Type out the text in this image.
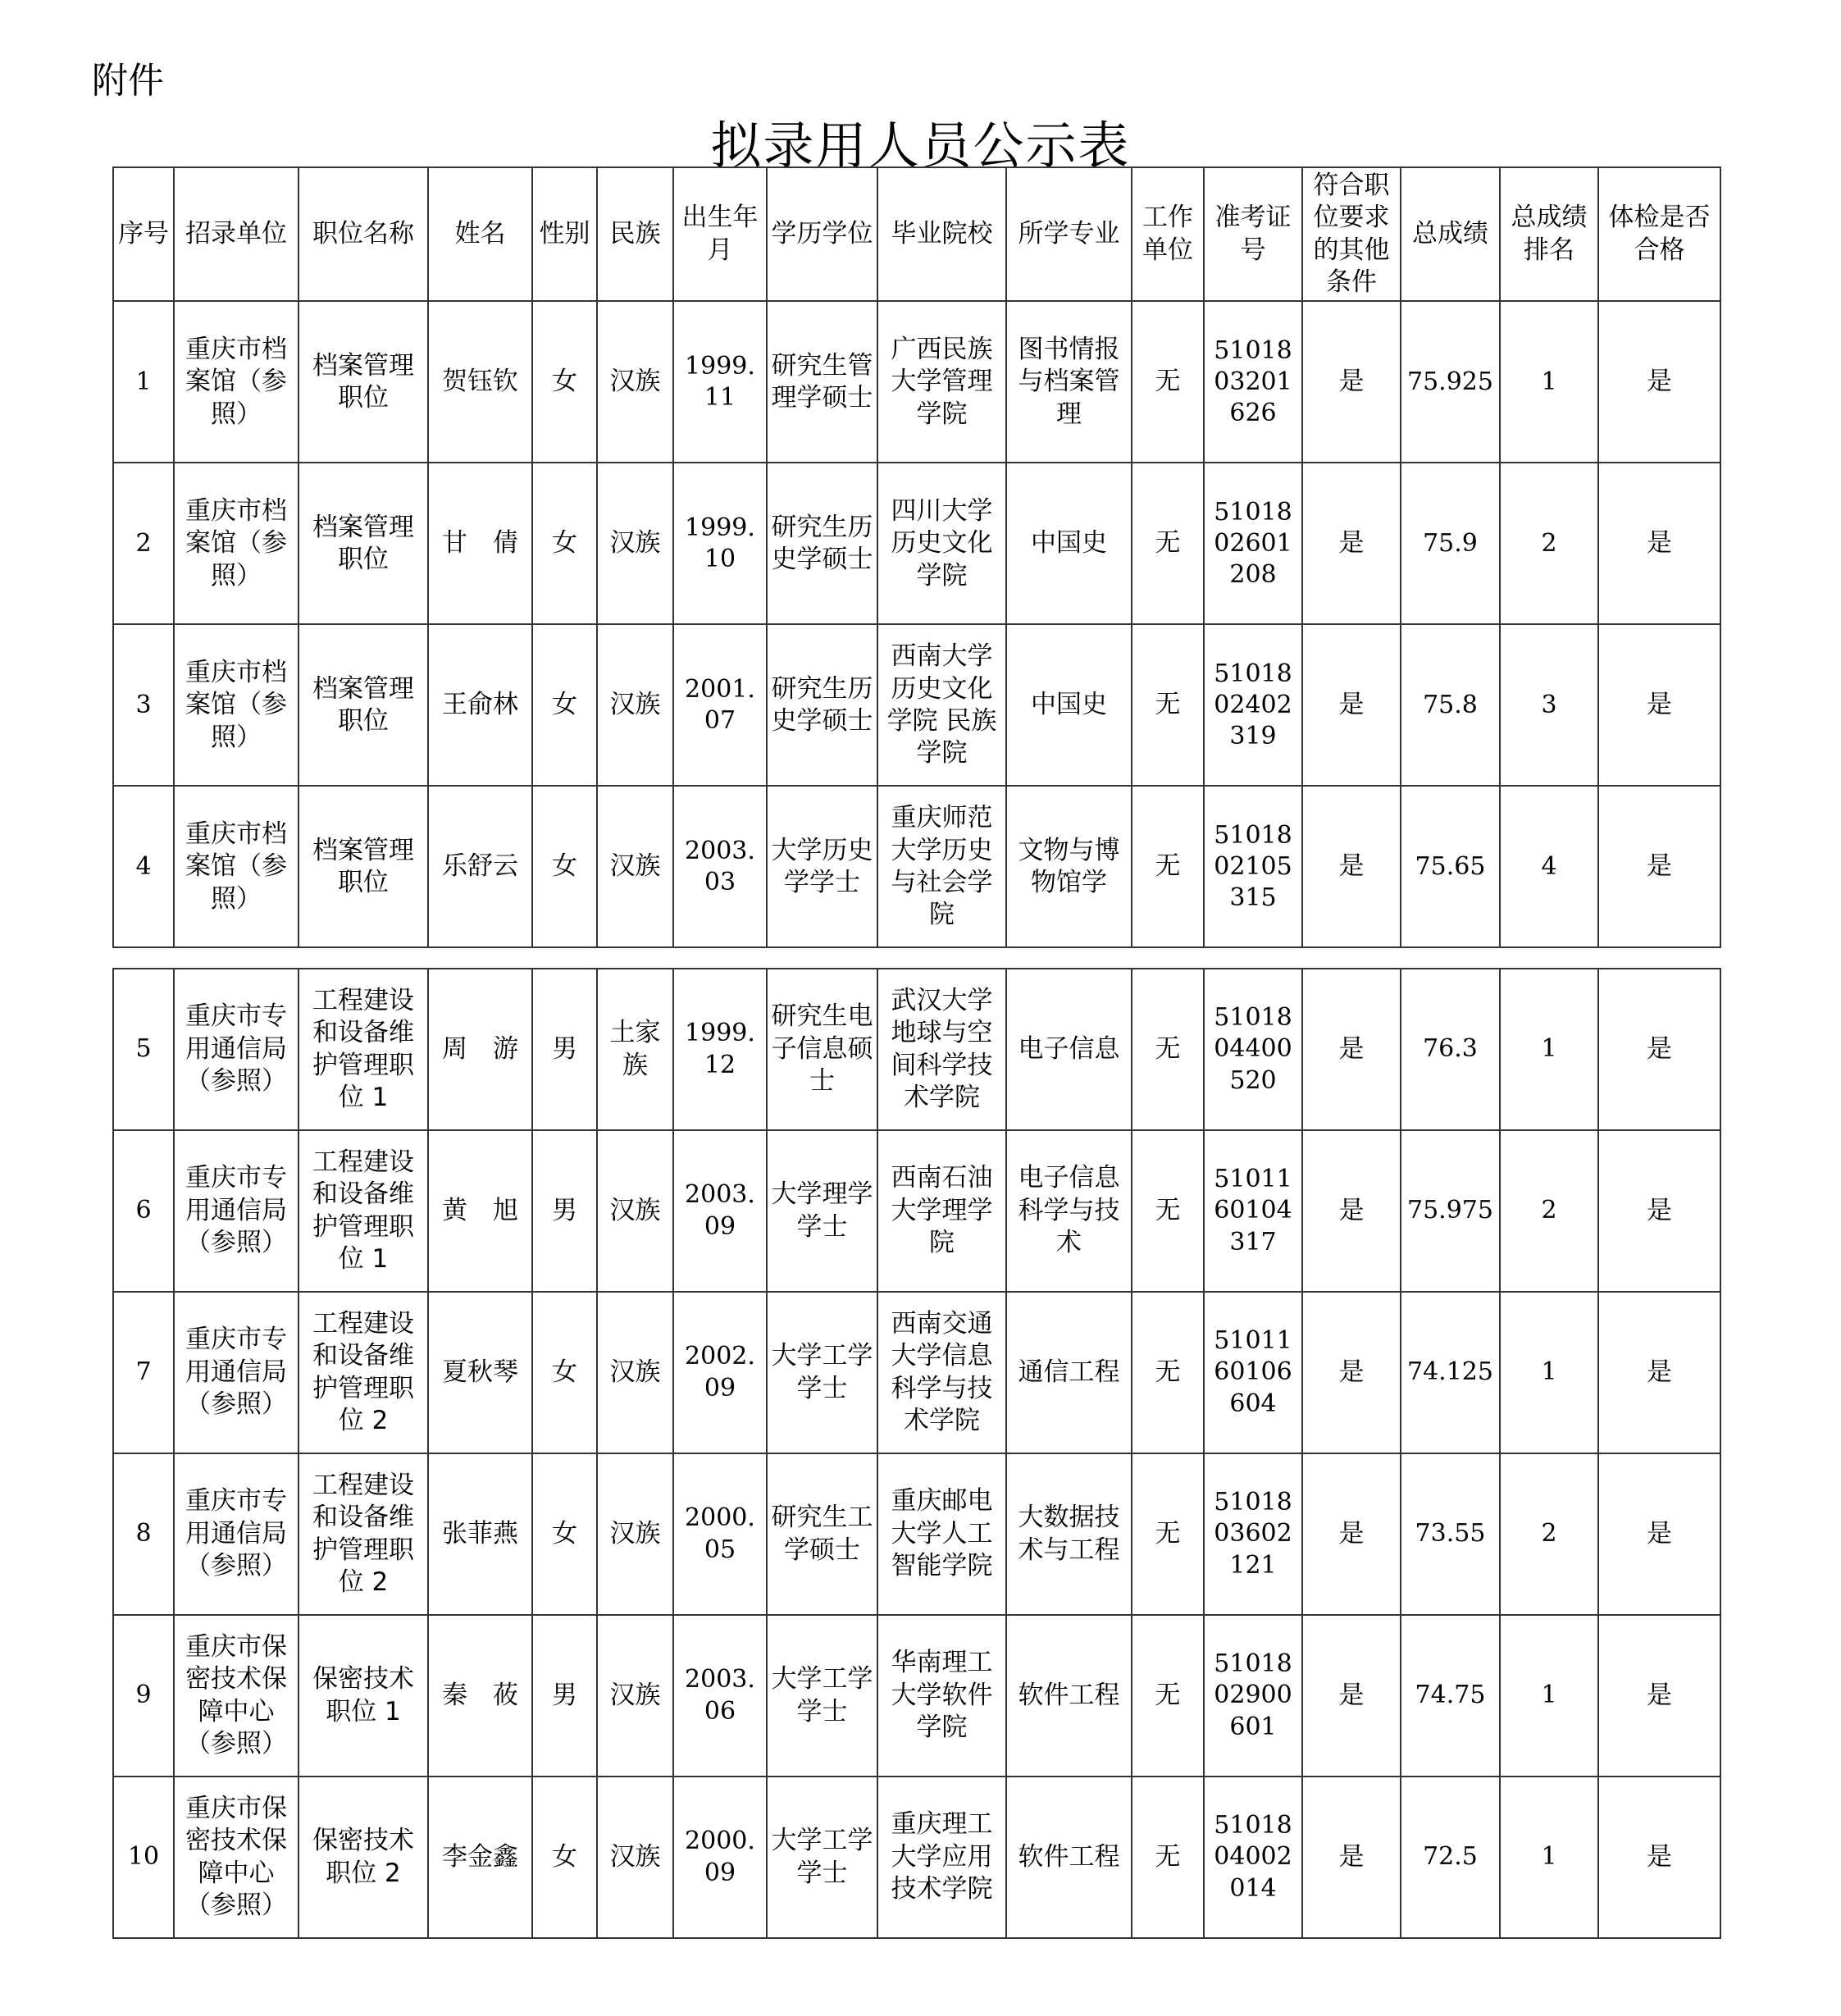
附件
拟录用人员公示表
序号	招录单位	职位名称	姓名	性别	民族	出生年月	学历学位	毕业院校	所学专业	工作单位	准考证号	符合职位要求的其他条件	总成绩	总成绩排名	体检是否合格
1	重庆市档案馆（参照）	档案管理职位	贺钰钦	女	汉族	1999.11	研究生管理学硕士	广西民族大学管理学院	图书情报与档案管理	无	51018 03201 626	是	75.925	1	是
2	重庆市档案馆（参照）	档案管理职位	甘　倩	女	汉族	1999.10	研究生历史学硕士	四川大学历史文化学院	中国史	无	51018 02601 208	是	75.9	2	是
3	重庆市档案馆（参照）	档案管理职位	王俞林	女	汉族	2001.07	研究生历史学硕士	西南大学历史文化学院 民族学院	中国史	无	51018 02402 319	是	75.8	3	是
4	重庆市档案馆（参照）	档案管理职位	乐舒云	女	汉族	2003.03	大学历史学学士	重庆师范大学历史与社会学院	文物与博物馆学	无	51018 02105 315	是	75.65	4	是
5	重庆市专用通信局（参照）	工程建设和设备维护管理职位 1	周　游	男	土家族	1999.12	研究生电子信息硕士	武汉大学地球与空间科学技术学院	电子信息	无	51018 04400 520	是	76.3	1	是
6	重庆市专用通信局（参照）	工程建设和设备维护管理职位 1	黄　旭	男	汉族	2003.09	大学理学学士	西南石油大学理学院	电子信息科学与技术	无	51011 60104 317	是	75.975	2	是
7	重庆市专用通信局（参照）	工程建设和设备维护管理职位 2	夏秋琴	女	汉族	2002.09	大学工学学士	西南交通大学信息科学与技术学院	通信工程	无	51011 60106 604	是	74.125	1	是
8	重庆市专用通信局（参照）	工程建设和设备维护管理职位 2	张菲燕	女	汉族	2000.05	研究生工学硕士	重庆邮电大学人工智能学院	大数据技术与工程	无	51018 03602 121	是	73.55	2	是
9	重庆市保密技术保障中心（参照）	保密技术职位 1	秦　莜	男	汉族	2003.06	大学工学学士	华南理工大学软件学院	软件工程	无	51018 02900 601	是	74.75	1	是
10	重庆市保密技术保障中心（参照）	保密技术职位 2	李金鑫	女	汉族	2000.09	大学工学学士	重庆理工大学应用技术学院	软件工程	无	51018 04002 014	是	72.5	1	是
